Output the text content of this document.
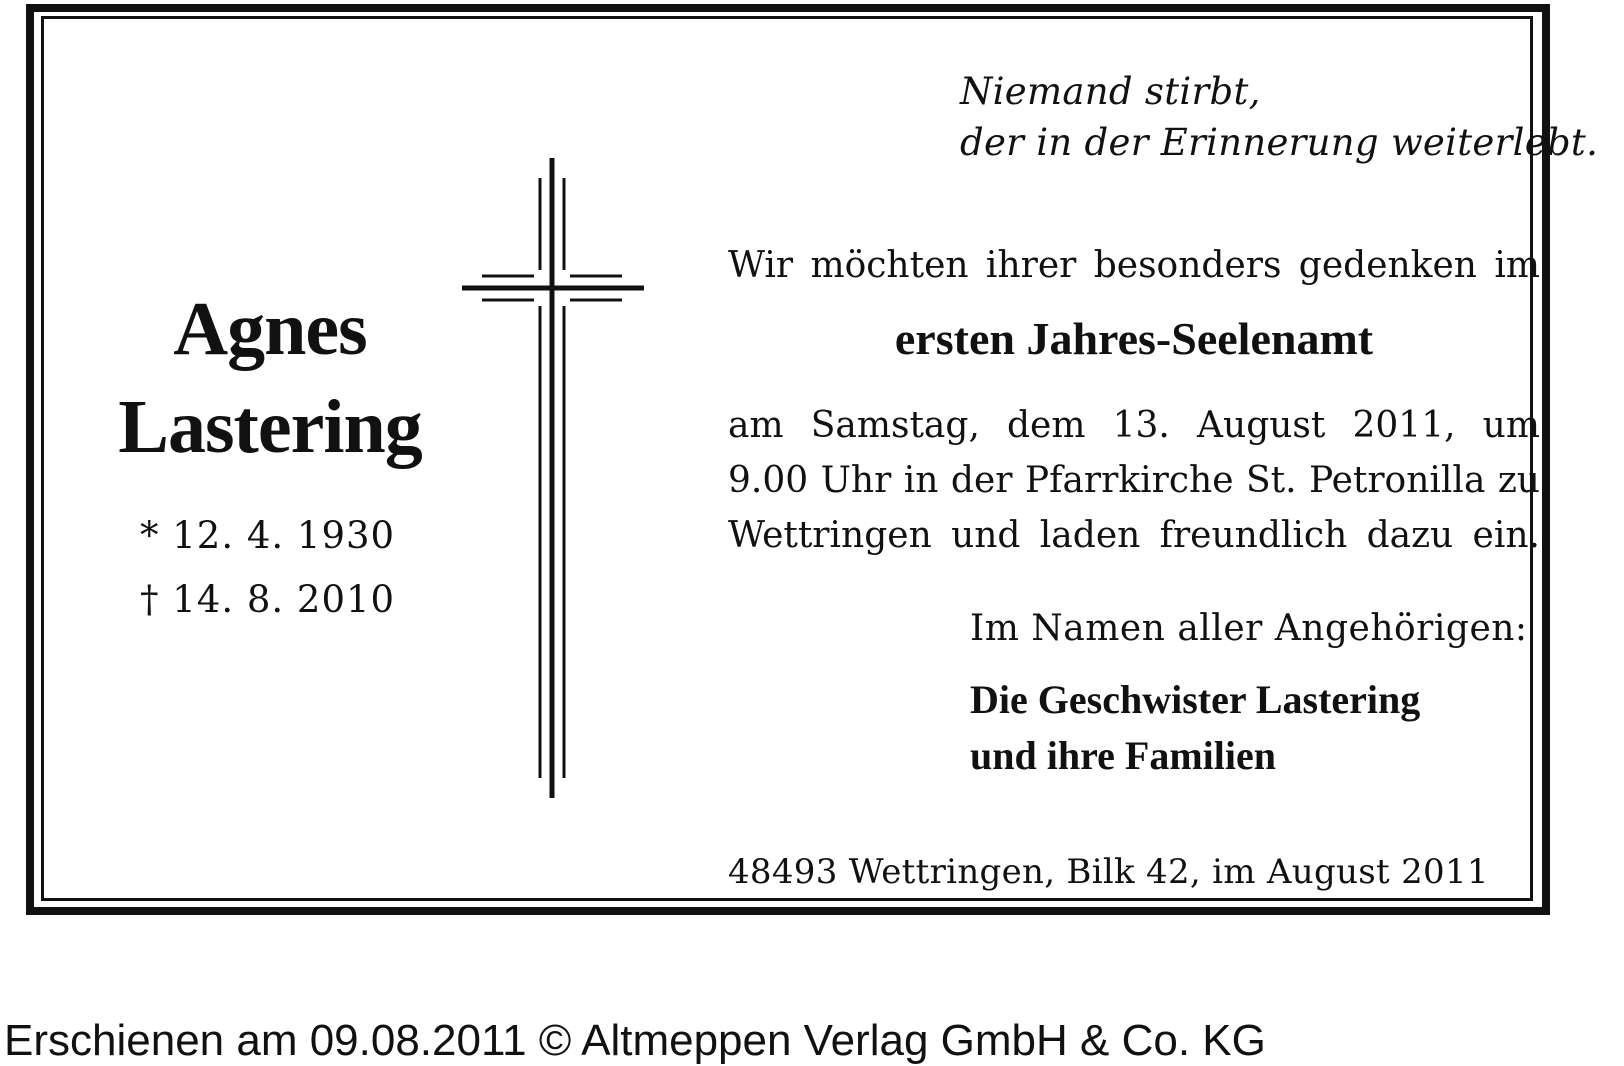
Niemand stirbt,
der in der Erinnerung weiterlebt.
Agnes
Lastering
* 12. 4. 1930
† 14. 8. 2010
Wir möchten ihrer besonders gedenken im
ersten Jahres-Seelenamt
am Samstag, dem 13. August 2011, um
9.00 Uhr in der Pfarrkirche St. Petronilla zu
Wettringen und laden freundlich dazu ein.
Im Namen aller Angehörigen:
Die Geschwister Lastering
und ihre Familien
48493 Wettringen, Bilk 42, im August 2011
Erschienen am 09.08.2011 © Altmeppen Verlag GmbH & Co. KG
